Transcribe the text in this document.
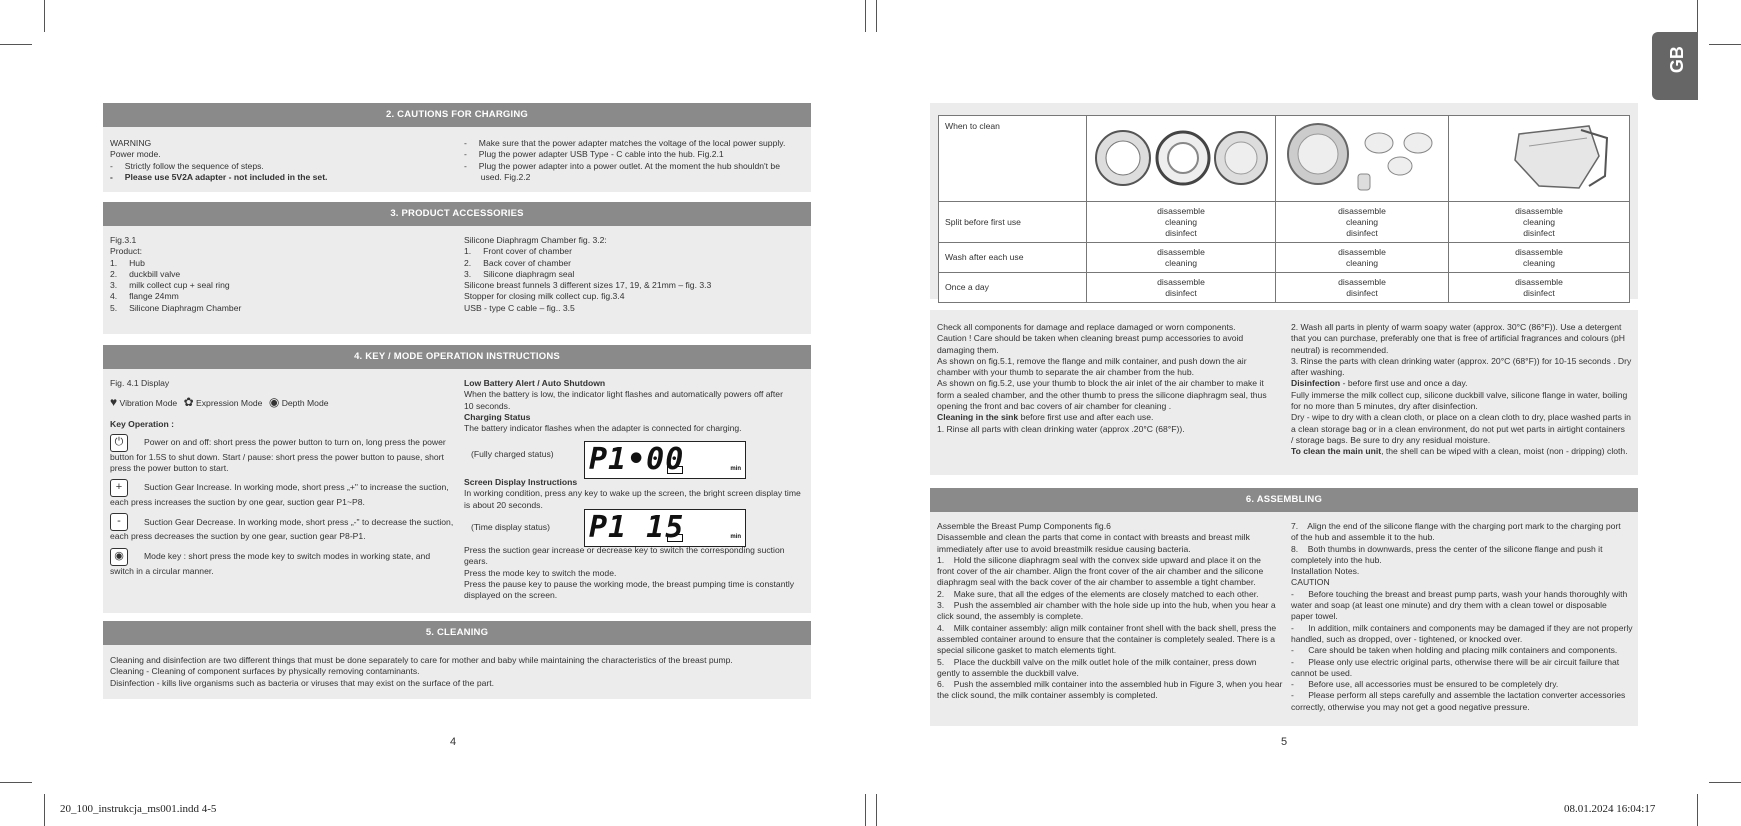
GB
2. CAUTIONS FOR CHARGING
WARNING
Power mode.
-     Strictly follow the sequence of steps.
-     Please use 5V2A adapter - not included in the set.
-     Make sure that the power adapter matches the voltage of the local power supply.
-     Plug the power adapter USB Type - C cable into the hub. Fig.2.1
-     Plug the power adapter into a power outlet. At the moment the hub shouldn't be
used. Fig.2.2
3. PRODUCT ACCESSORIES
Fig.3.1
Product:
1.     Hub
2.     duckbill valve
3.     milk collect cup + seal ring
4.     flange 24mm
5.     Silicone Diaphragm Chamber
Silicone Diaphragm Chamber fig. 3.2:
1.     Front cover of chamber
2.     Back cover of chamber
3.     Silicone diaphragm seal
Silicone breast funnels 3 different sizes 17, 19, & 21mm – fig. 3.3
Stopper for closing milk collect cup. fig.3.4
USB - type C cable – fig.. 3.5
4. KEY / MODE OPERATION INSTRUCTIONS
Fig. 4.1 Display
♥ Vibration Mode ✿ Expression Mode ◉ Depth Mode
Key Operation :
⏻ Power on and off: short press the power button to turn on, long press the power
button for 1.5S to shut down. Start / pause: short press the power button to pause, short
press the power button to start.
+	Suction Gear Increase. In working mode, short press „+" to increase the suction,
each press increases the suction by one gear, suction gear P1~P8.
-	Suction Gear Decrease. In working mode, short press „-" to decrease the suction,
each press decreases the suction by one gear, suction gear P8-P1.
◉ Mode key : short press the mode key to switch modes in working state, and
switch in a circular manner.
Low Battery Alert / Auto Shutdown
When the battery is low, the indicator light flashes and automatically powers off after
10 seconds.
Charging Status
The battery indicator flashes when the adapter is connected for charging.
(Fully charged status) P1•00	min
Screen Display Instructions
In working condition, press any key to wake up the screen, the bright screen display time
is about 20 seconds.
(Time display status) P1 15	min
Press the suction gear increase or decrease key to switch the corresponding suction
gears.
Press the mode key to switch the mode.
Press the pause key to pause the working mode, the breast pumping time is constantly
displayed on the screen.
5. CLEANING
Cleaning and disinfection are two different things that must be done separately to care for mother and baby while maintaining the characteristics of the breast pump.
Cleaning - Cleaning of component surfaces by physically removing contaminants.
Disinfection - kills live organisms such as bacteria or viruses that may exist on the surface of the part.
4
When to clean			
Split before first use	disassemble
cleaning
disinfect	disassemble
cleaning
disinfect	disassemble
cleaning
disinfect

Wash after each use	disassemble
cleaning	disassemble
cleaning	disassemble
cleaning

Once a day	disassemble
disinfect	disassemble
disinfect	disassemble
disinfect
Check all components for damage and replace damaged or worn components.
Caution ! Care should be taken when cleaning breast pump accessories to avoid
damaging them.
As shown on fig.5.1, remove the flange and milk container, and push down the air
chamber with your thumb to separate the air chamber from the hub.
As shown on fig.5.2, use your thumb to block the air inlet of the air chamber to make it
form a sealed chamber, and the other thumb to press the silicone diaphragm seal, thus
opening the front and bac covers of air chamber for cleaning .
Cleaning in the sink before first use and after each use.
1. Rinse all parts with clean drinking water (approx .20°C (68°F)).
2. Wash all parts in plenty of warm soapy water (approx. 30°C (86°F)). Use a detergent
that you can purchase, preferably one that is free of artificial fragrances and colours (pH
neutral) is recommended.
3. Rinse the parts with clean drinking water (approx. 20°C (68°F)) for 10-15 seconds . Dry
after washing.
Disinfection - before first use and once a day.
Fully immerse the milk collect cup, silicone duckbill valve, silicone flange in water, boiling
for no more than 5 minutes, dry after disinfection.
Dry - wipe to dry with a clean cloth, or place on a clean cloth to dry, place washed parts in
a clean storage bag or in a clean environment, do not put wet parts in airtight containers
/ storage bags. Be sure to dry any residual moisture.
To clean the main unit, the shell can be wiped with a clean, moist (non - dripping) cloth.
6. ASSEMBLING
Assemble the Breast Pump Components fig.6
Disassemble and clean the parts that come in contact with breasts and breast milk
immediately after use to avoid breastmilk residue causing bacteria.
1.    Hold the silicone diaphragm seal with the convex side upward and place it on the
front cover of the air chamber. Align the front cover of the air chamber and the silicone
diaphragm seal with the back cover of the air chamber to assemble a tight chamber.
2.    Make sure, that all the edges of the elements are closely matched to each other.
3.    Push the assembled air chamber with the hole side up into the hub, when you hear a
click sound, the assembly is complete.
4.    Milk container assembly: align milk container front shell with the back shell, press the
assembled container around to ensure that the container is completely sealed. There is a
special silicone gasket to match elements tight.
5.    Place the duckbill valve on the milk outlet hole of the milk container, press down
gently to assemble the duckbill valve.
6.    Push the assembled milk container into the assembled hub in Figure 3, when you hear
the click sound, the milk container assembly is completed.
7.    Align the end of the silicone flange with the charging port mark to the charging port
of the hub and assemble it to the hub.
8.    Both thumbs in downwards, press the center of the silicone flange and push it
completely into the hub.
Installation Notes.
CAUTION
-      Before touching the breast and breast pump parts, wash your hands thoroughly with
water and soap (at least one minute) and dry them with a clean towel or disposable
paper towel.
-      In addition, milk containers and components may be damaged if they are not properly
handled, such as dropped, over - tightened, or knocked over.
-      Care should be taken when holding and placing milk containers and components.
-      Please only use electric original parts, otherwise there will be air circuit failure that
cannot be used.
-      Before use, all accessories must be ensured to be completely dry.
-      Please perform all steps carefully and assemble the lactation converter accessories
correctly, otherwise you may not get a good negative pressure.
5
20_100_instrukcja_ms001.indd 4-5	08.01.2024 16:04:17
